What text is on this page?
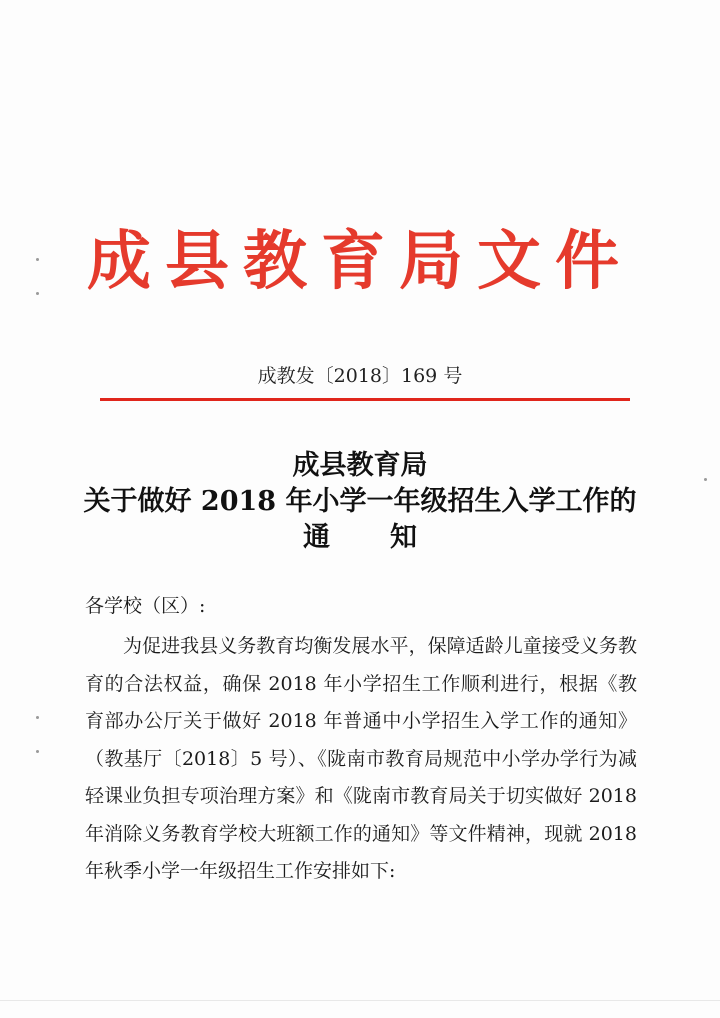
成县教育局文件
成教发〔2018〕169 号
成县教育局
关于做好 2018 年小学一年级招生入学工作的
通 知
各学校（区）:
为促进我县义务教育均衡发展水平，保障适龄儿童接受义务教育的合法权益，确保 2018 年小学招生工作顺利进行，根据《教育部办公厅关于做好 2018 年普通中小学招生入学工作的通知》（教基厅〔2018〕5 号）、《陇南市教育局规范中小学办学行为减轻课业负担专项治理方案》和《陇南市教育局关于切实做好 2018 年消除义务教育学校大班额工作的通知》等文件精神，现就 2018 年秋季小学一年级招生工作安排如下:
